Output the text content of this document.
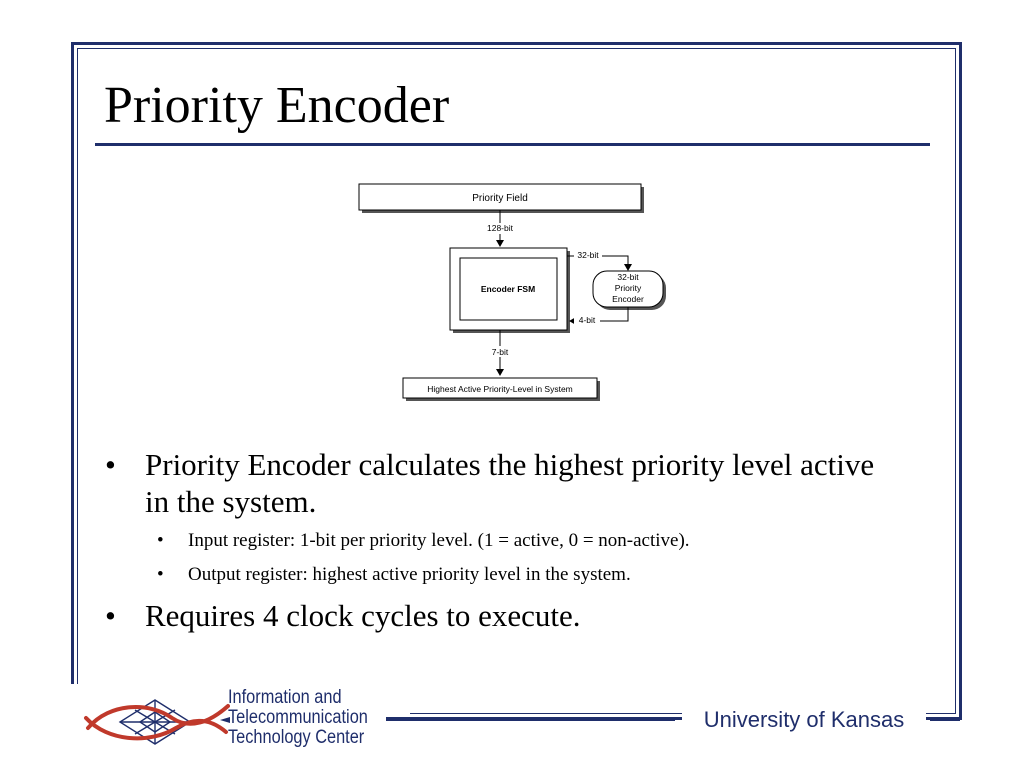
Priority Encoder
Priority Field
128-bit
Encoder FSM
32-bit
32-bit
Priority
Encoder
4-bit
7-bit
Highest Active Priority-Level in System
• Priority Encoder calculates the highest priority level active in the system.
• Input register: 1-bit per priority level. (1 = active, 0 = non-active).
• Output register: highest active priority level in the system.
• Requires 4 clock cycles to execute.
Information and
Telecommunication
Technology Center
University of Kansas
